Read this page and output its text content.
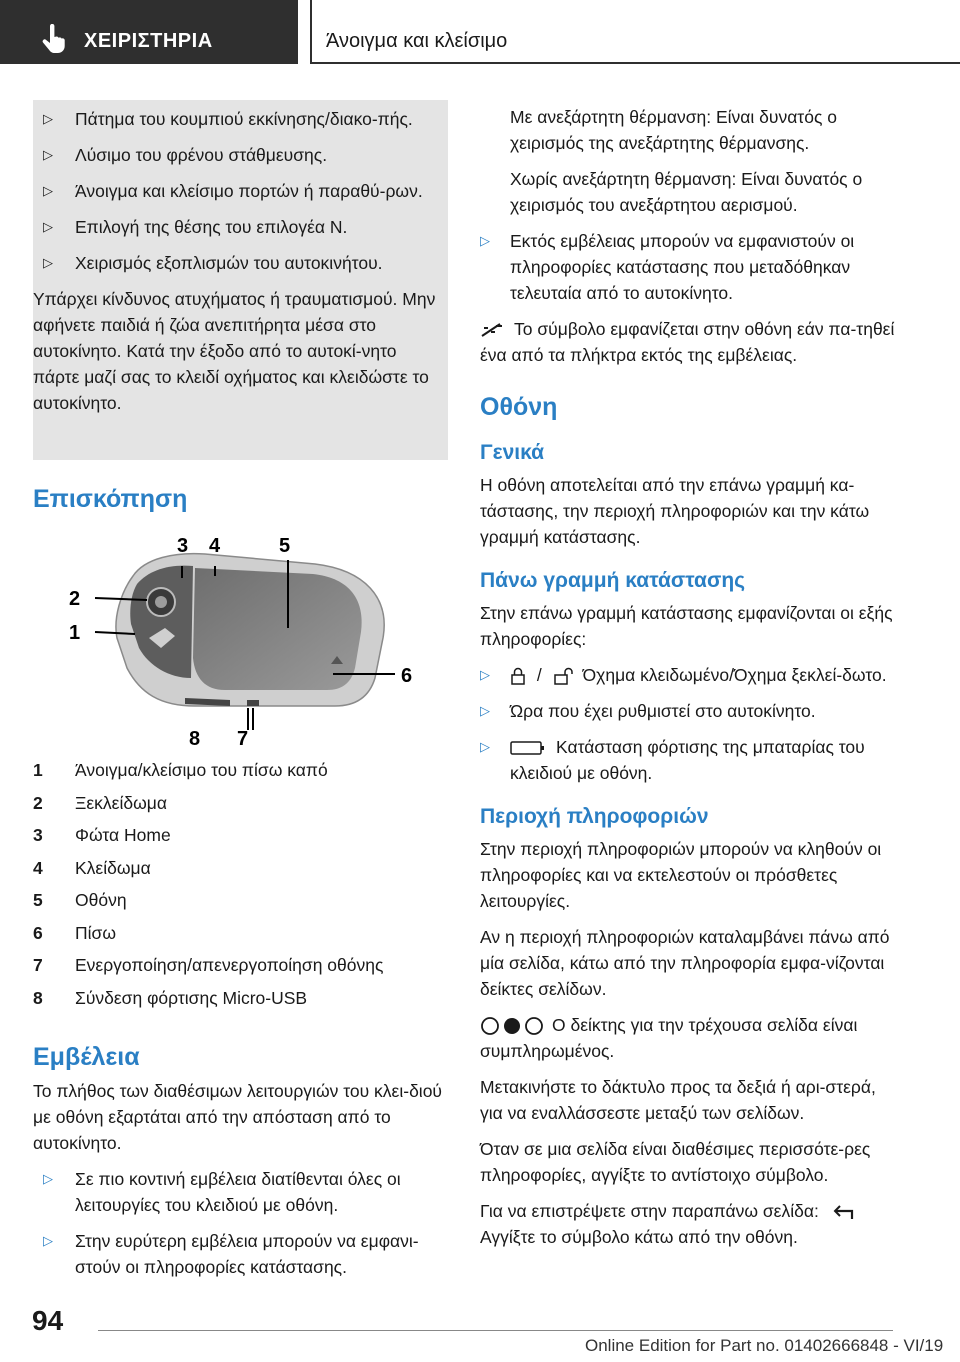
ΧΕΙΡΙΣΤΗΡΙΑ	Άνοιγμα και κλείσιμο
▷ Πάτημα του κουμπιού εκκίνησης/διακο-πής.
▷ Λύσιμο του φρένου στάθμευσης.
▷ Άνοιγμα και κλείσιμο πορτών ή παραθύ-ρων.
▷ Επιλογή της θέσης του επιλογέα N.
▷ Χειρισμός εξοπλισμών του αυτοκινήτου.

Υπάρχει κίνδυνος ατυχήματος ή τραυματισμού. Μην αφήνετε παιδιά ή ζώα ανεπιτήρητα μέσα στο αυτοκίνητο. Κατά την έξοδο από το αυτοκί-νητο πάρτε μαζί σας το κλειδί οχήματος και κλειδώστε το αυτοκίνητο.

Επισκόπηση
3 4	5
2
1
6
8 7
1 Άνοιγμα/κλείσιμο του πίσω καπό
2 Ξεκλείδωμα
3 Φώτα Home
4 Κλείδωμα
5 Οθόνη
6 Πίσω
7 Ενεργοποίηση/απενεργοποίηση οθόνης
8 Σύνδεση φόρτισης Micro-USB
Εμβέλεια

Το πλήθος των διαθέσιμων λειτουργιών του κλει-διού με οθόνη εξαρτάται από την απόσταση από το αυτοκίνητο.

▷ Σε πιο κοντινή εμβέλεια διατίθενται όλες οι λειτουργίες του κλειδιού με οθόνη.
▷ Στην ευρύτερη εμβέλεια μπορούν να εμφανι-στούν οι πληροφορίες κατάστασης.

Με ανεξάρτητη θέρμανση: Είναι δυνατός ο χειρισμός της ανεξάρτητης θέρμανσης.

Χωρίς ανεξάρτητη θέρμανση: Είναι δυνατός ο χειρισμός του ανεξάρτητου αερισμού.

▷ Εκτός εμβέλειας μπορούν να εμφανιστούν οι πληροφορίες κατάστασης που μεταδόθηκαν τελευταία από το αυτοκίνητο.

Το σύμβολο εμφανίζεται στην οθόνη εάν πα-τηθεί ένα από τα πλήκτρα εκτός της εμβέλειας.

Οθόνη
Γενικά

Η οθόνη αποτελείται από την επάνω γραμμή κα-τάστασης, την περιοχή πληροφοριών και την κάτω γραμμή κατάστασης.

Πάνω γραμμή κατάστασης

Στην επάνω γραμμή κατάστασης εμφανίζονται οι εξής πληροφορίες:

▷	/ Όχημα κλειδωμένο/Όχημα ξεκλεί-δωτο.
▷ Ώρα που έχει ρυθμιστεί στο αυτοκίνητο.
▷	Κατάσταση φόρτισης της μπαταρίας του κλειδιού με οθόνη.
Περιοχή πληροφοριών

Στην περιοχή πληροφοριών μπορούν να κληθούν οι πληροφορίες και να εκτελεστούν οι πρόσθετες λειτουργίες.

Αν η περιοχή πληροφοριών καταλαμβάνει πάνω από μία σελίδα, κάτω από την πληροφορία εμφα-νίζονται δείκτες σελίδων.

Ο δείκτης για την τρέχουσα σελίδα είναι συμπληρωμένος.

Μετακινήστε το δάκτυλο προς τα δεξιά ή αρι-στερά, για να εναλλάσσεστε μεταξύ των σελίδων.

Όταν σε μια σελίδα είναι διαθέσιμες περισσότε-ρες πληροφορίες, αγγίξτε το αντίστοιχο σύμβολο.

Για να επιστρέψετε στην παραπάνω σελίδα:
Αγγίξτε το σύμβολο κάτω από την οθόνη.

94
Online Edition for Part no. 01402666848 - VI/19
